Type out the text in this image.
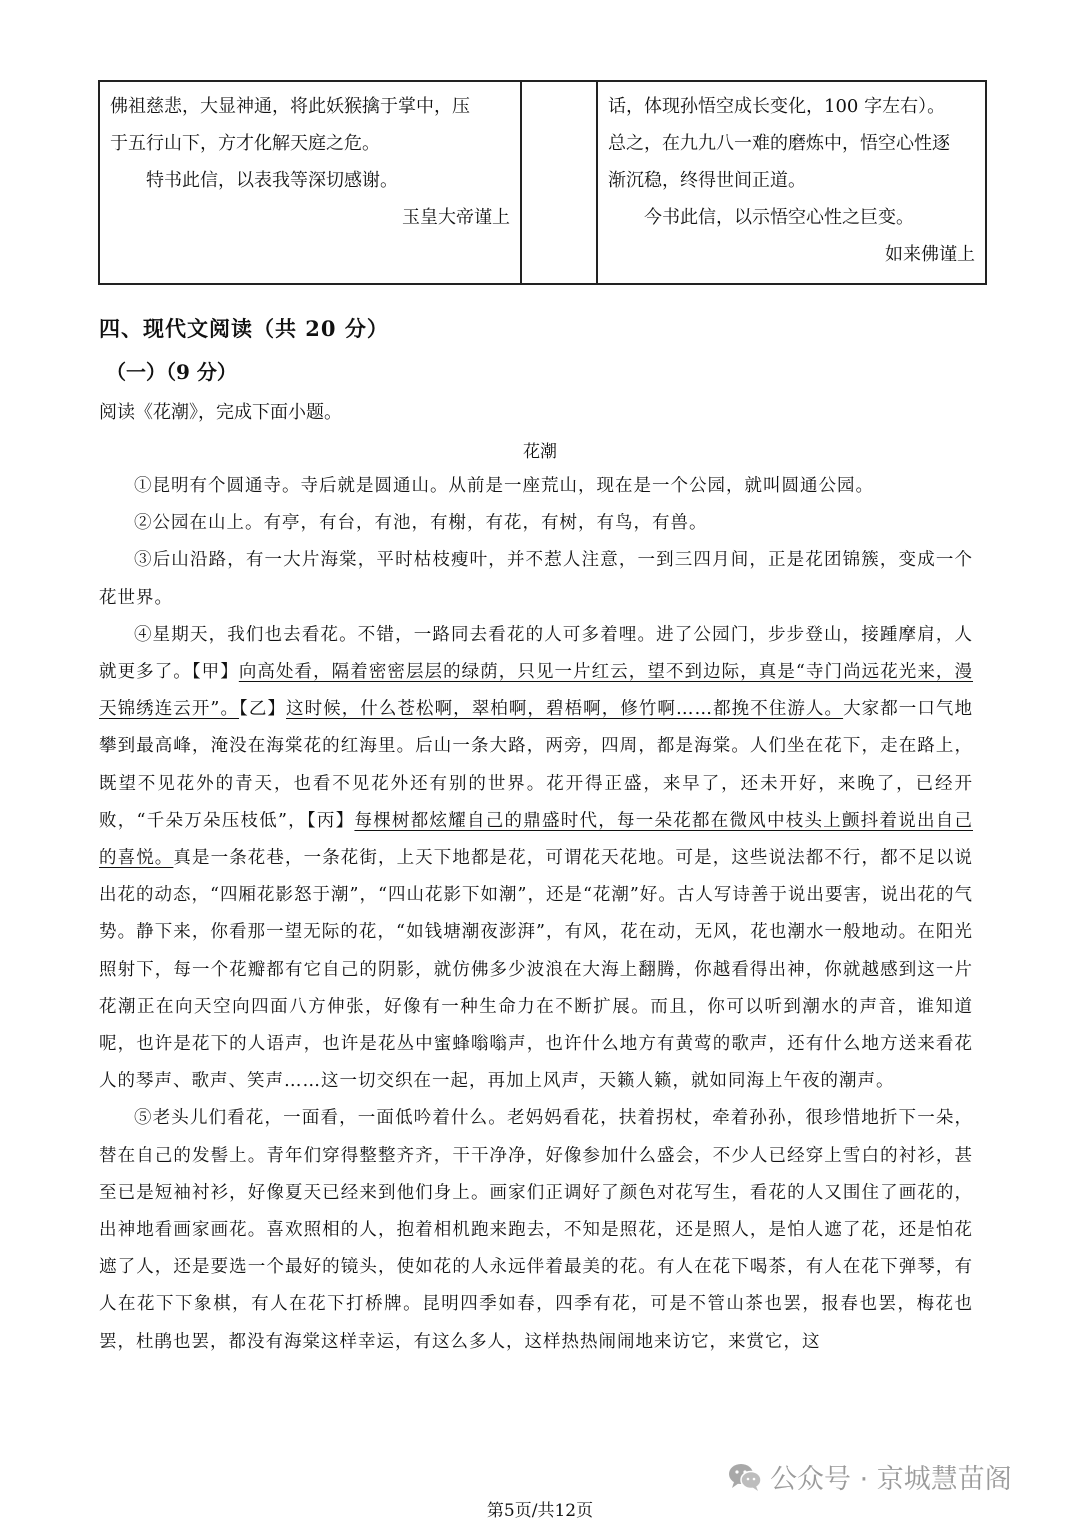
佛祖慈悲，大显神通，将此妖猴擒于掌中，压
于五行山下，方才化解天庭之危。
特书此信，以表我等深切感谢。
玉皇大帝谨上

话，体现孙悟空成长变化，100 字左右）。
总之，在九九八一难的磨炼中，悟空心性逐
渐沉稳，终得世间正道。
今书此信，以示悟空心性之巨变。
如来佛谨上
四、现代文阅读（共 20 分）
（一）（9 分）
阅读《花潮》，完成下面小题。
花潮

①昆明有个圆通寺。寺后就是圆通山。从前是一座荒山，现在是一个公园，就叫圆通公园。

②公园在山上。有亭，有台，有池，有榭，有花，有树，有鸟，有兽。

③后山沿路，有一大片海棠，平时枯枝瘦叶，并不惹人注意，一到三四月间，正是花团锦簇，变成一个花世界。

④星期天，我们也去看花。不错，一路同去看花的人可多着哩。进了公园门，步步登山，接踵摩肩，人就更多了。【甲】向高处看，隔着密密层层的绿荫，只见一片红云，望不到边际，真是“寺门尚远花光来，漫天锦绣连云开”。【乙】这时候，什么苍松啊，翠柏啊，碧梧啊，修竹啊……都挽不住游人。大家都一口气地攀到最高峰，淹没在海棠花的红海里。后山一条大路，两旁，四周，都是海棠。人们坐在花下，走在路上，既望不见花外的青天，也看不见花外还有别的世界。花开得正盛，来早了，还未开好，来晚了，已经开败，“千朵万朵压枝低”，【丙】每棵树都炫耀自己的鼎盛时代，每一朵花都在微风中枝头上颤抖着说出自己的喜悦。真是一条花巷，一条花街，上天下地都是花，可谓花天花地。可是，这些说法都不行，都不足以说出花的动态，“四厢花影怒于潮”，“四山花影下如潮”，还是“花潮”好。古人写诗善于说出要害，说出花的气势。静下来，你看那一望无际的花，“如钱塘潮夜澎湃”，有风，花在动，无风，花也潮水一般地动。在阳光照射下，每一个花瓣都有它自己的阴影，就仿佛多少波浪在大海上翻腾，你越看得出神，你就越感到这一片花潮正在向天空向四面八方伸张，好像有一种生命力在不断扩展。而且，你可以听到潮水的声音，谁知道呢，也许是花下的人语声，也许是花丛中蜜蜂嗡嗡声，也许什么地方有黄莺的歌声，还有什么地方送来看花人的琴声、歌声、笑声……这一切交织在一起，再加上风声，天籁人籁，就如同海上午夜的潮声。

⑤老头儿们看花，一面看，一面低吟着什么。老妈妈看花，扶着拐杖，牵着孙孙，很珍惜地折下一朵，替在自己的发髻上。青年们穿得整整齐齐，干干净净，好像参加什么盛会，不少人已经穿上雪白的衬衫，甚至已是短袖衬衫，好像夏天已经来到他们身上。画家们正调好了颜色对花写生，看花的人又围住了画花的，出神地看画家画花。喜欢照相的人，抱着相机跑来跑去，不知是照花，还是照人，是怕人遮了花，还是怕花遮了人，还是要选一个最好的镜头，使如花的人永远伴着最美的花。有人在花下喝茶，有人在花下弹琴，有人在花下下象棋，有人在花下打桥牌。昆明四季如春，四季有花，可是不管山茶也罢，报春也罢，梅花也罢，杜鹃也罢，都没有海棠这样幸运，有这么多人，这样热热闹闹地来访它，来赏它，这

公众号 · 京城慧苗阁
第5页/共12页
